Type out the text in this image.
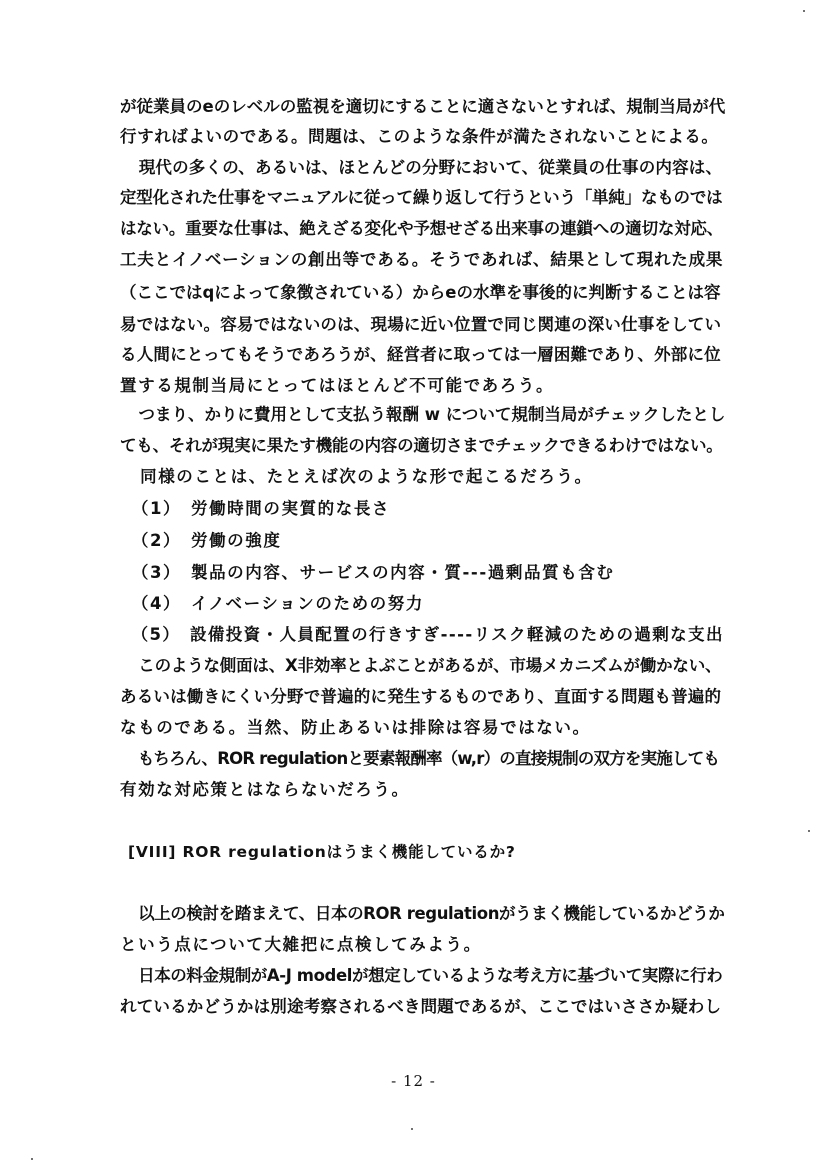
が従業員のeのレベルの監視を適切にすることに適さないとすれば、規制当局が代
行すればよいのである。問題は、このような条件が満たされないことによる。
　現代の多くの、あるいは、ほとんどの分野において、従業員の仕事の内容は、
定型化された仕事をマニュアルに従って繰り返して行うという「単純」なものでは
はない。重要な仕事は、絶えざる変化や予想せざる出来事の連鎖への適切な対応、
工夫とイノベーションの創出等である。そうであれば、結果として現れた成果
（ここではqによって象徴されている）からeの水準を事後的に判断することは容
易ではない。容易ではないのは、現場に近い位置で同じ関連の深い仕事をしてい
る人間にとってもそうであろうが、経営者に取っては一層困難であり、外部に位
置する規制当局にとってはほとんど不可能であろう。
　つまり、かりに費用として支払う報酬 w について規制当局がチェックしたとし
ても、それが現実に果たす機能の内容の適切さまでチェックできるわけではない。
　同様のことは、たとえば次のような形で起こるだろう。
　（1）　労働時間の実質的な長さ
　（2）　労働の強度
　（3）　製品の内容、サービスの内容・質---過剰品質も含む
　（4）　イノベーションのための努力
　（5）　設備投資・人員配置の行きすぎ----リスク軽減のための過剰な支出
　このような側面は、X非効率とよぶことがあるが、市場メカニズムが働かない、
あるいは働きにくい分野で普遍的に発生するものであり、直面する問題も普遍的
なものである。当然、防止あるいは排除は容易ではない。
　もちろん、ROR regulationと要素報酬率（w,r）の直接規制の双方を実施しても
有効な対応策とはならないだろう。
[VIII] ROR regulationはうまく機能しているか?
　以上の検討を踏まえて、日本のROR regulationがうまく機能しているかどうか
という点について大雑把に点検してみよう。
　日本の料金規制がA-J modelが想定しているような考え方に基づいて実際に行わ
れているかどうかは別途考察されるべき問題であるが、ここではいささか疑わし
- 12 -
